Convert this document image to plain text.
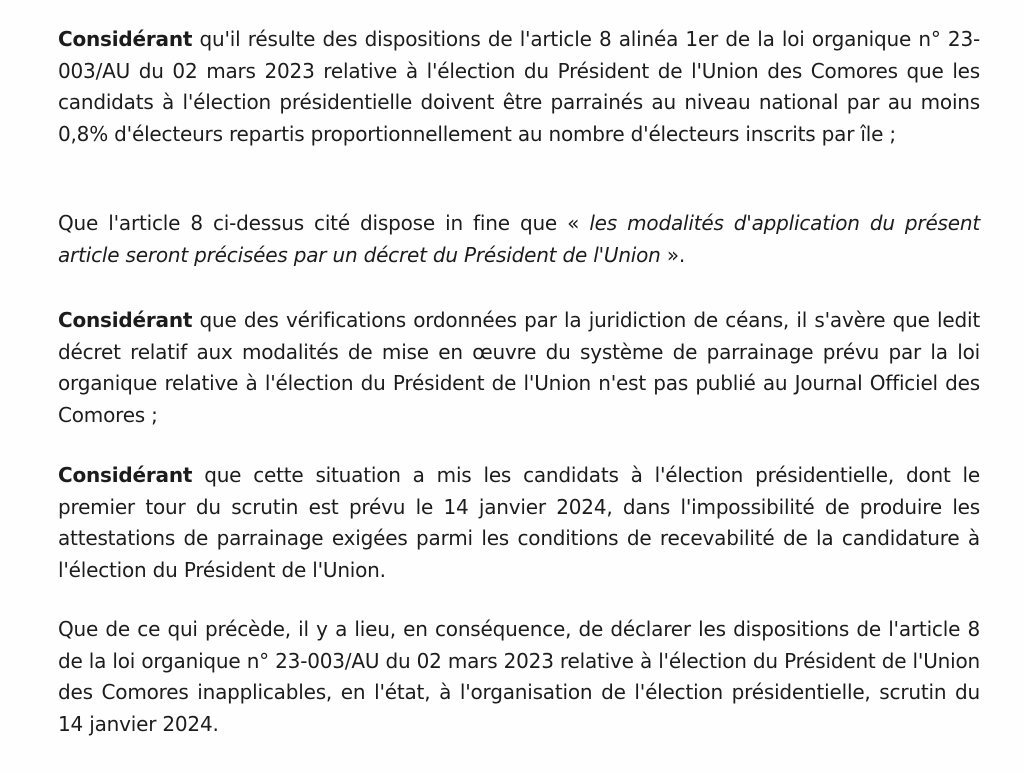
Considérant qu'il résulte des dispositions de l'article 8 alinéa 1er de la loi organique n° 23-003/AU du 02 mars 2023 relative à l'élection du Président de l'Union des Comores que les candidats à l'élection présidentielle doivent être parrainés au niveau national par au moins 0,8% d'électeurs repartis proportionnellement au nombre d'électeurs inscrits par île ;

Que l'article 8 ci-dessus cité dispose in fine que « les modalités d'application du présent article seront précisées par un décret du Président de l'Union ».

Considérant que des vérifications ordonnées par la juridiction de céans, il s'avère que ledit décret relatif aux modalités de mise en œuvre du système de parrainage prévu par la loi organique relative à l'élection du Président de l'Union n'est pas publié au Journal Officiel des Comores ;

Considérant que cette situation a mis les candidats à l'élection présidentielle, dont le premier tour du scrutin est prévu le 14 janvier 2024, dans l'impossibilité de produire les attestations de parrainage exigées parmi les conditions de recevabilité de la candidature à l'élection du Président de l'Union.

Que de ce qui précède, il y a lieu, en conséquence, de déclarer les dispositions de l'article 8 de la loi organique n° 23-003/AU du 02 mars 2023 relative à l'élection du Président de l'Union des Comores inapplicables, en l'état, à l'organisation de l'élection présidentielle, scrutin du 14 janvier 2024.
